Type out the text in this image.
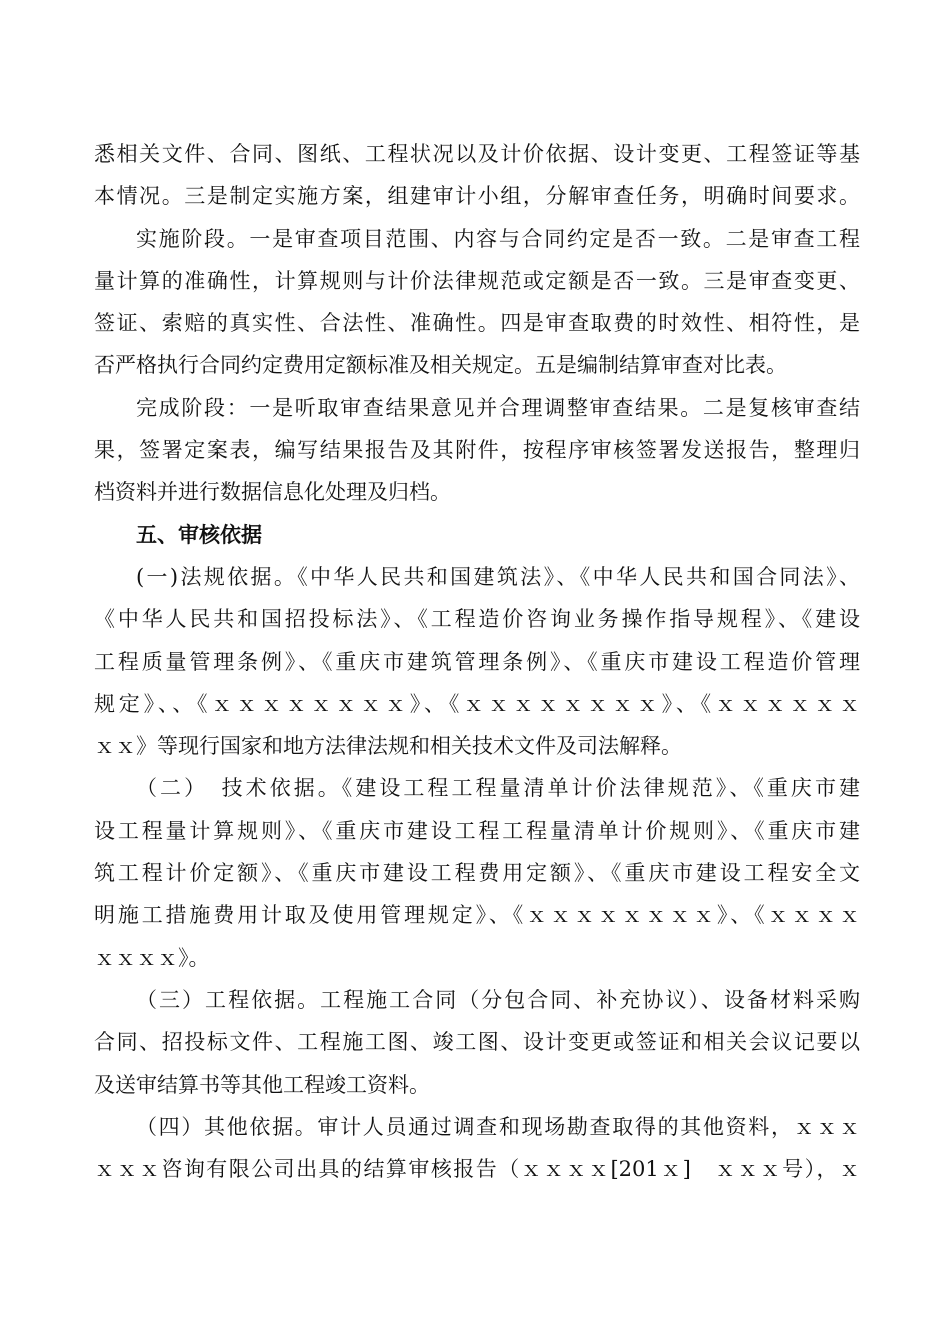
悉相关文件、合同、图纸、工程状况以及计价依据、设计变更、工程签证等基
本情况。三是制定实施方案，组建审计小组，分解审查任务，明确时间要求。
实施阶段。一是审查项目范围、内容与合同约定是否一致。二是审查工程
量计算的准确性，计算规则与计价法律规范或定额是否一致。三是审查变更、
签证、索赔的真实性、合法性、准确性。四是审查取费的时效性、相符性，是
否严格执行合同约定费用定额标准及相关规定。五是编制结算审查对比表。
完成阶段：一是听取审查结果意见并合理调整审查结果。二是复核审查结
果，签署定案表，编写结果报告及其附件，按程序审核签署发送报告，整理归
档资料并进行数据信息化处理及归档。
五、审核依据
(一)法规依据。《中华人民共和国建筑法》、《中华人民共和国合同法》、
《中华人民共和国招投标法》、《工程造价咨询业务操作指导规程》、《建设
工程质量管理条例》、《重庆市建筑管理条例》、《重庆市建设工程造价管理
规定》、、《ｘｘｘｘｘｘｘｘ》、《ｘｘｘｘｘｘｘｘ》、《ｘｘｘｘｘｘ
ｘｘ》等现行国家和地方法律法规和相关技术文件及司法解释。
（二）　技术依据。《建设工程工程量清单计价法律规范》、《重庆市建
设工程量计算规则》、《重庆市建设工程工程量清单计价规则》、《重庆市建
筑工程计价定额》、《重庆市建设工程费用定额》、《重庆市建设工程安全文
明施工措施费用计取及使用管理规定》、《ｘｘｘｘｘｘｘｘ》、《ｘｘｘｘ
ｘｘｘｘ》。
（三）工程依据。工程施工合同（分包合同、补充协议）、设备材料采购
合同、招投标文件、工程施工图、竣工图、设计变更或签证和相关会议记要以
及送审结算书等其他工程竣工资料。
（四）其他依据。审计人员通过调查和现场勘查取得的其他资料，ｘｘｘ
ｘｘｘ咨询有限公司出具的结算审核报告（ｘｘｘｘ[201ｘ]　ｘｘｘ号），ｘ
